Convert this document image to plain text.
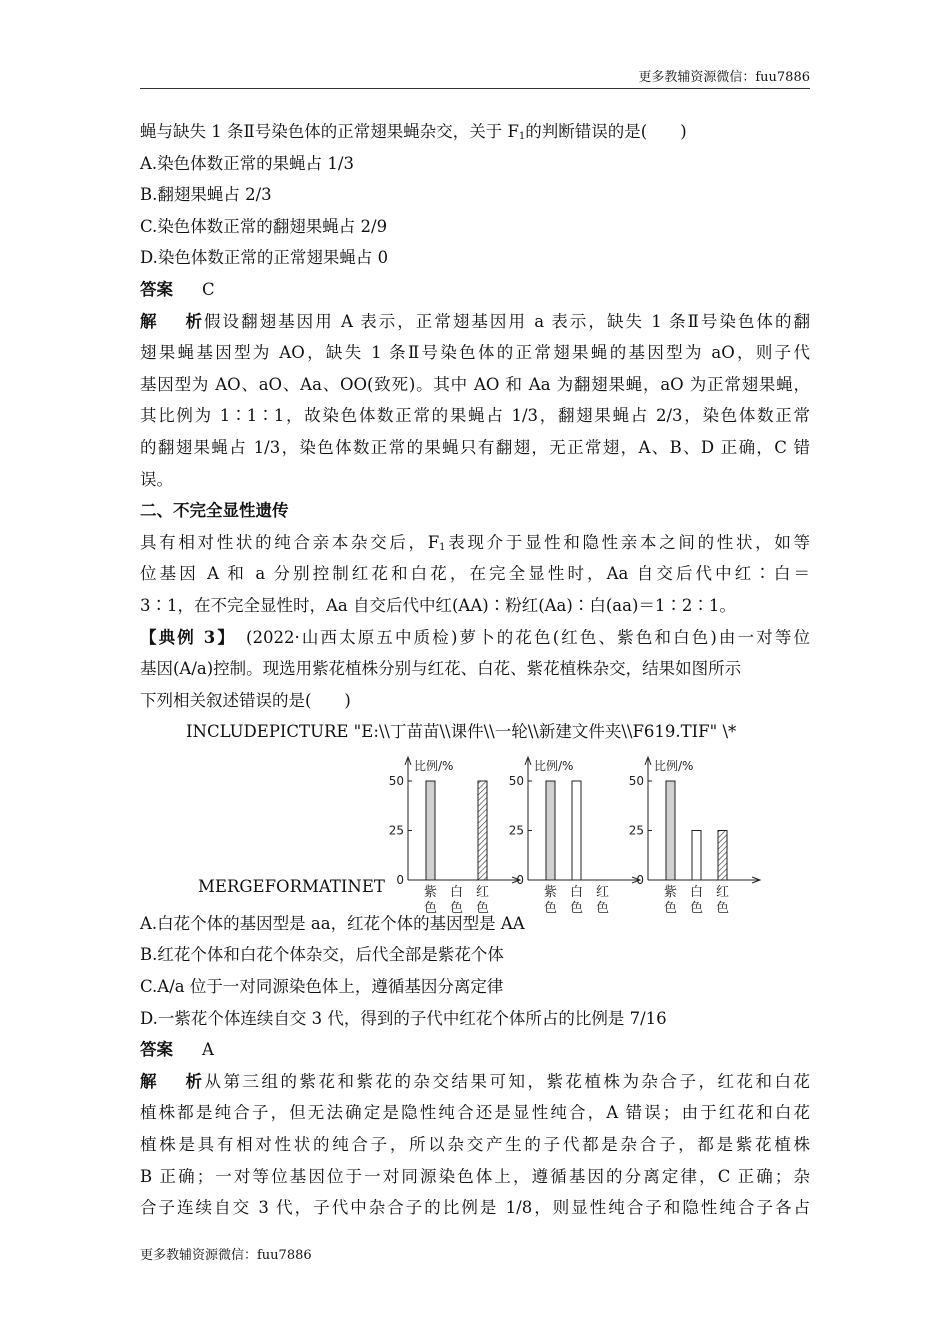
更多教辅资源微信：fuu7886
蝇与缺失 1 条Ⅱ号染色体的正常翅果蝇杂交，关于 $F_1$的判断错误的是(　　)
A.染色体数正常的果蝇占 1/3
B.翻翅果蝇占 2/3
C.染色体数正常的翻翅果蝇占 2/9
D.染色体数正常的正常翅果蝇占 0
答案 C
解析假设翻翅基因用 A 表示，正常翅基因用 a 表示，缺失 1 条Ⅱ号染色体的翻
翅果蝇基因型为 AO，缺失 1 条Ⅱ号染色体的正常翅果蝇的基因型为 aO，则子代
基因型为 AO、aO、Aa、OO(致死)。其中 AO 和 Aa 为翻翅果蝇，aO 为正常翅果蝇，
其比例为 1∶1∶1，故染色体数正常的果蝇占 1/3，翻翅果蝇占 2/3，染色体数正常
的翻翅果蝇占 1/3，染色体数正常的果蝇只有翻翅，无正常翅，A、B、D 正确，C 错
误。
二、不完全显性遗传
具有相对性状的纯合亲本杂交后，$F_1$表现介于显性和隐性亲本之间的性状，如等
位基因 A 和 a 分别控制红花和白花，在完全显性时，Aa 自交后代中红∶白＝
3∶1，在不完全显性时，Aa 自交后代中红(AA)∶粉红(Aa)∶白(aa)＝1∶2∶1。
【典例 3】 (2022·山西太原五中质检)萝卜的花色(红色、紫色和白色)由一对等位
基因(A/a)控制。现选用紫花植株分别与红花、白花、紫花植株杂交，结果如图所示
下列相关叙述错误的是(　　)
INCLUDEPICTURE "E:\\丁苗苗\\课件\\一轮\\新建文件夹\\F619.TIF" \*
比例/%
0
25
50
紫
色
白
色
红
色
比例/%
0
25
50
紫
色
白
色
红
色
比例/%
0
25
50
紫
色
白
色
红
色
MERGEFORMATINET
A.白花个体的基因型是 aa，红花个体的基因型是 AA
B.红花个体和白花个体杂交，后代全部是紫花个体
C.A/a 位于一对同源染色体上，遵循基因分离定律
D.一紫花个体连续自交 3 代，得到的子代中红花个体所占的比例是 7/16
答案 A
解析从第三组的紫花和紫花的杂交结果可知，紫花植株为杂合子，红花和白花
植株都是纯合子，但无法确定是隐性纯合还是显性纯合，A 错误；由于红花和白花
植株是具有相对性状的纯合子，所以杂交产生的子代都是杂合子，都是紫花植株
B 正确；一对等位基因位于一对同源染色体上，遵循基因的分离定律，C 正确；杂
合子连续自交 3 代，子代中杂合子的比例是 1/8，则显性纯合子和隐性纯合子各占
更多教辅资源微信：fuu7886
